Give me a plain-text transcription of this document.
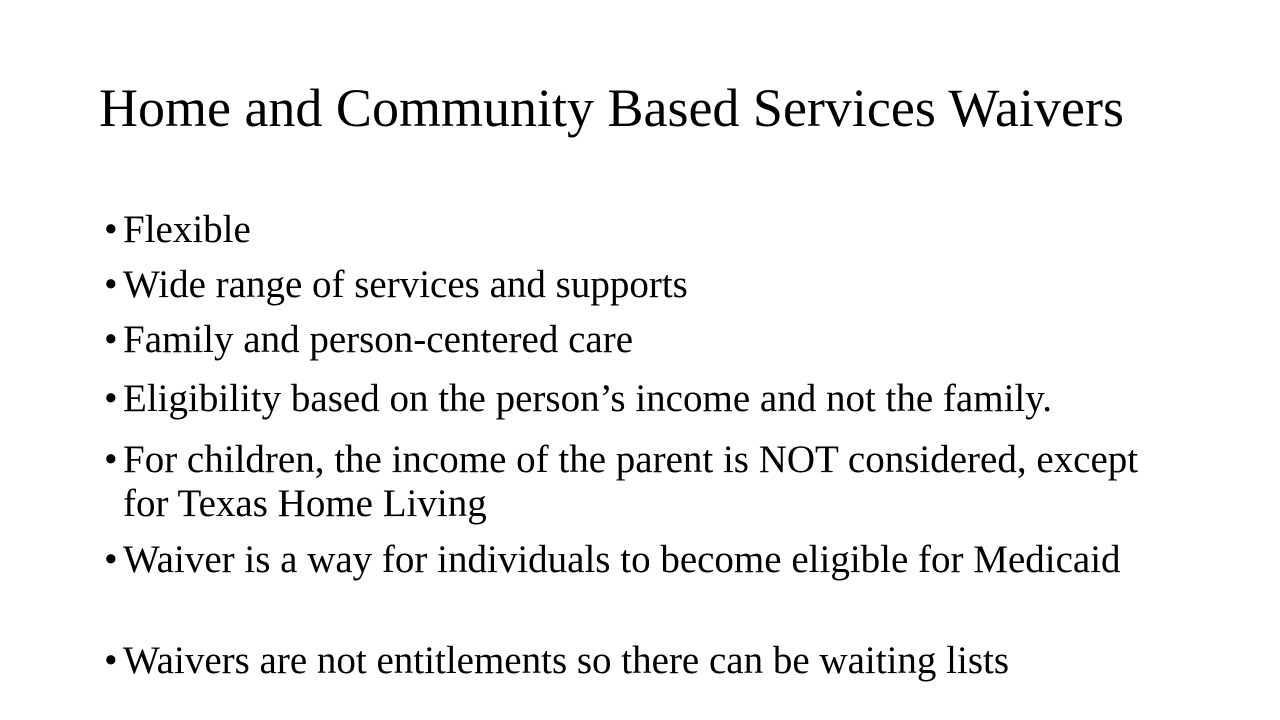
Home and Community Based Services Waivers
• Flexible
• Wide range of services and supports
• Family and person-centered care
• Eligibility based on the person’s income and not the family.
• For children, the income of the parent is NOT considered, except for Texas Home Living
• Waiver is a way for individuals to become eligible for Medicaid
• Waivers are not entitlements so there can be waiting lists
